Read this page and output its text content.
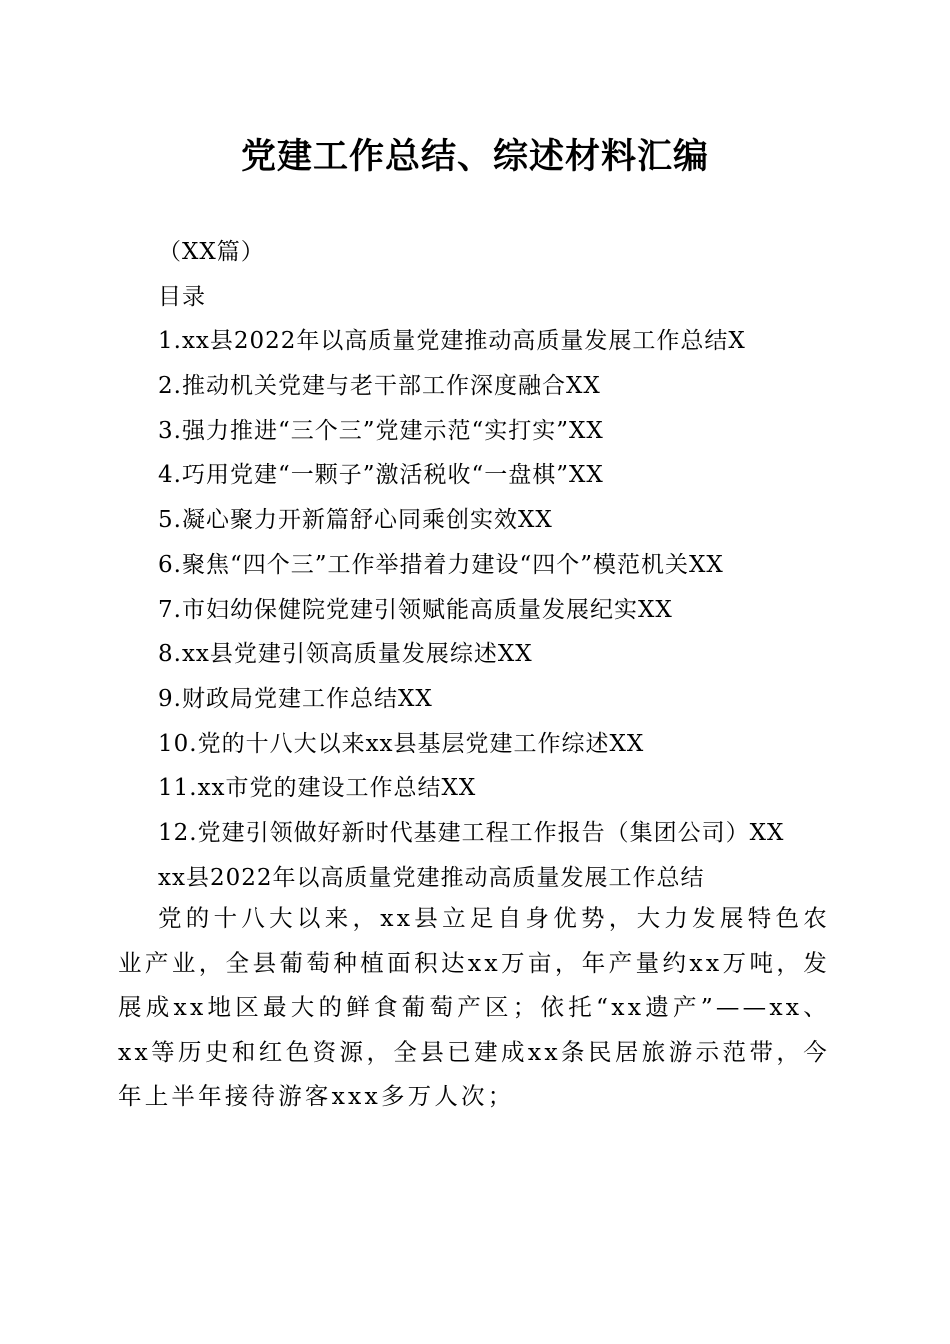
党建工作总结、综述材料汇编
（XX篇）
目录
1.xx县2022年以高质量党建推动高质量发展工作总结X
2.推动机关党建与老干部工作深度融合XX
3.强力推进“三个三”党建示范“实打实”XX
4.巧用党建“一颗子”激活税收“一盘棋”XX
5.凝心聚力开新篇舒心同乘创实效XX
6.聚焦“四个三”工作举措着力建设“四个”模范机关XX
7.市妇幼保健院党建引领赋能高质量发展纪实XX
8.xx县党建引领高质量发展综述XX
9.财政局党建工作总结XX
10.党的十八大以来xx县基层党建工作综述XX
11.xx市党的建设工作总结XX
12.党建引领做好新时代基建工程工作报告（集团公司）XX
xx县2022年以高质量党建推动高质量发展工作总结
党的十八大以来，xx县立足自身优势，大力发展特色农业产业，全县葡萄种植面积达xx万亩，年产量约xx万吨，发展成xx地区最大的鲜食葡萄产区；依托“xx遗产”——xx、xx等历史和红色资源，全县已建成xx条民居旅游示范带，今年上半年接待游客xxx多万人次；
